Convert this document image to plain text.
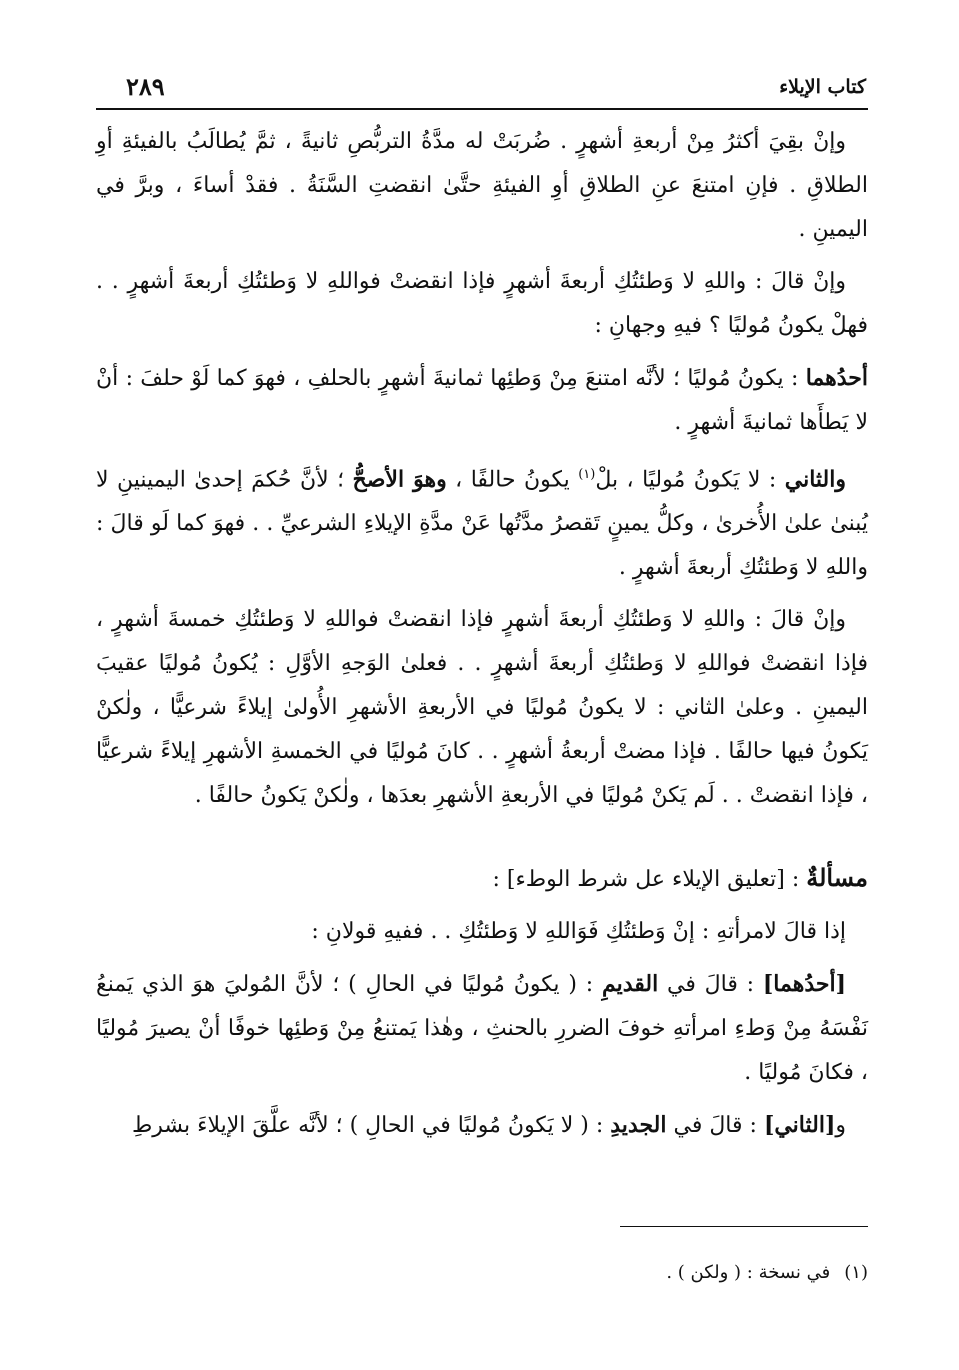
كتاب الإيلاء
٢٨٩

وإنْ بقِيَ أكثرُ مِنْ أربعةِ أشهرٍ . ضُربَتْ له مدَّةُ التربُّصِ ثانيةً ، ثمَّ يُطالَبُ بالفيئةِ أوِ الطلاقِ . فإنِ امتنعَ عنِ الطلاقِ أوِ الفيئةِ حتَّىٰ انقضتِ السَّنَةُ . فقدْ أساءَ ، وبرَّ في اليمينِ .

وإنْ قالَ : واللهِ لا وَطئتُكِ أربعةَ أشهرٍ فإذا انقضتْ فواللهِ لا وَطئتُكِ أربعةَ أشهرٍ . . فهلْ يكونُ مُوليًا ؟ فيهِ وجهانِ :

أحدُهما : يكونُ مُوليًا ؛ لأنَّه امتنعَ مِنْ وَطئِها ثمانيةَ أشهرٍ بالحلفِ ، فهوَ كما لَوْ حلفَ : أنْ لا يَطأَها ثمانيةَ أشهرٍ .

والثاني : لا يَكونُ مُوليًا ، بلْ$^{(١)}$ يكونُ حالفًا ، وهوَ الأصحُّ ؛ لأنَّ حُكمَ إحدىٰ اليمينينِ لا يُبنىٰ علىٰ الأُخرىٰ ، وكلُّ يمينٍ تَقصرُ مدَّتُها عَنْ مدَّةِ الإيلاءِ الشرعيِّ . . فهوَ كما لَو قالَ : واللهِ لا وَطئتُكِ أربعةَ أشهرٍ .

وإنْ قالَ : واللهِ لا وَطئتُكِ أربعةَ أشهرٍ فإذا انقضتْ فواللهِ لا وَطئتُكِ خمسةَ أشهرٍ ، فإذا انقضتْ فواللهِ لا وَطئتُكِ أربعةَ أشهرٍ . . فعلىٰ الوَجهِ الأوَّلِ : يُكونُ مُوليًا عقيبَ اليمينِ . وعلىٰ الثاني : لا يكونُ مُوليًا في الأربعةِ الأشهرِ الأُولىٰ إيلاءً شرعيًّا ، ولٰكنْ يَكونُ فيها حالفًا . فإذا مضتْ أربعةُ أشهرٍ . . كانَ مُوليًا في الخمسةِ الأشهرِ إيلاءً شرعيًّا ، فإذا انقضتْ . . لَم يَكنْ مُوليًا في الأربعةِ الأشهرِ بعدَها ، ولٰكنْ يَكونُ حالفًا .

مسألةٌ : [تعليق الإيلاء عل شرط الوطء] :

إذا قالَ لامرأتهِ : إنْ وَطئتُكِ فَوَاللهِ لا وَطئتُكِ . . ففيهِ قولانِ :

[أحدُهما] : قالَ في القديمِ : ( يكونُ مُوليًا في الحالِ ) ؛ لأنَّ المُوليَ هوَ الذي يَمنعُ نَفْسَهُ مِنْ وَطءِ امرأتهِ خوفَ الضررِ بالحنثِ ، وهٰذا يَمتنعُ مِنْ وَطئِها خوفًا أنْ يصيرَ مُوليًا ، فكانَ مُوليًا .

و[الثاني] : قالَ في الجديدِ : ( لا يَكونُ مُوليًا في الحالِ ) ؛ لأنَّه علَّقَ الإيلاءَ بشرطِ

(١)في نسخة : ( ولكن ) .
